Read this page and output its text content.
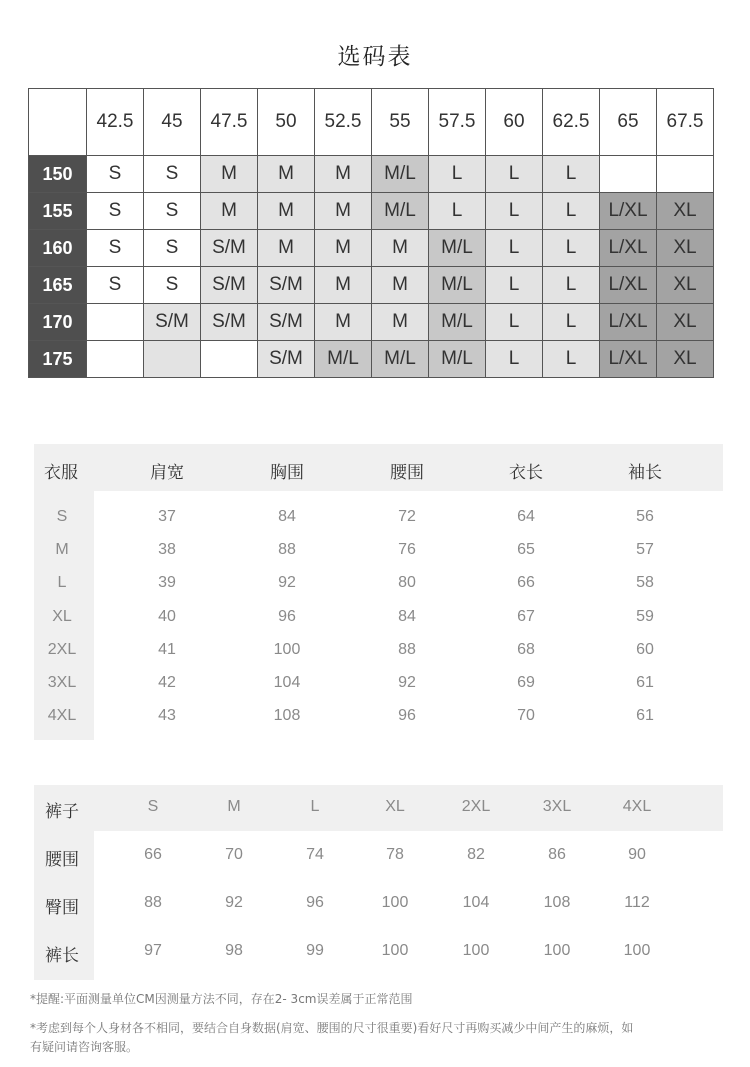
选码表
体重
(kg)
身高
(cm)	42.5	45	47.5	50	52.5	55	57.5	60	62.5	65	67.5
150	S	S	M	M	M	M/L	L	L	L		
155	S	S	M	M	M	M/L	L	L	L	L/XL	XL
160	S	S	S/M	M	M	M	M/L	L	L	L/XL	XL
165	S	S	S/M	S/M	M	M	M/L	L	L	L/XL	XL
170		S/M	S/M	S/M	M	M	M/L	L	L	L/XL	XL
175				S/M	M/L	M/L	M/L	L	L	L/XL	XL
衣服	肩宽	胸围	腰围	衣长	袖长
S	37	84	72	64	56
M	38	88	76	65	57
L	39	92	80	66	58
XL	40	96	84	67	59
2XL	41	100	88	68	60
3XL	42	104	92	69	61
4XL	43	108	96	70	61
裤子	S	M	L	XL	2XL	3XL	4XL
腰围	66	70	74	78	82	86	90
臀围	88	92	96	100	104	108	112
裤长	97	98	99	100	100	100	100
*提醒:平面测量单位CM因测量方法不同，存在2- 3cm误差属于正常范围
*考虑到每个人身材各不相同，要结合自身数据(肩宽、腰围的尺寸很重要)看好尺寸再购买减少中间产生的麻烦，如
有疑问请咨询客服。
